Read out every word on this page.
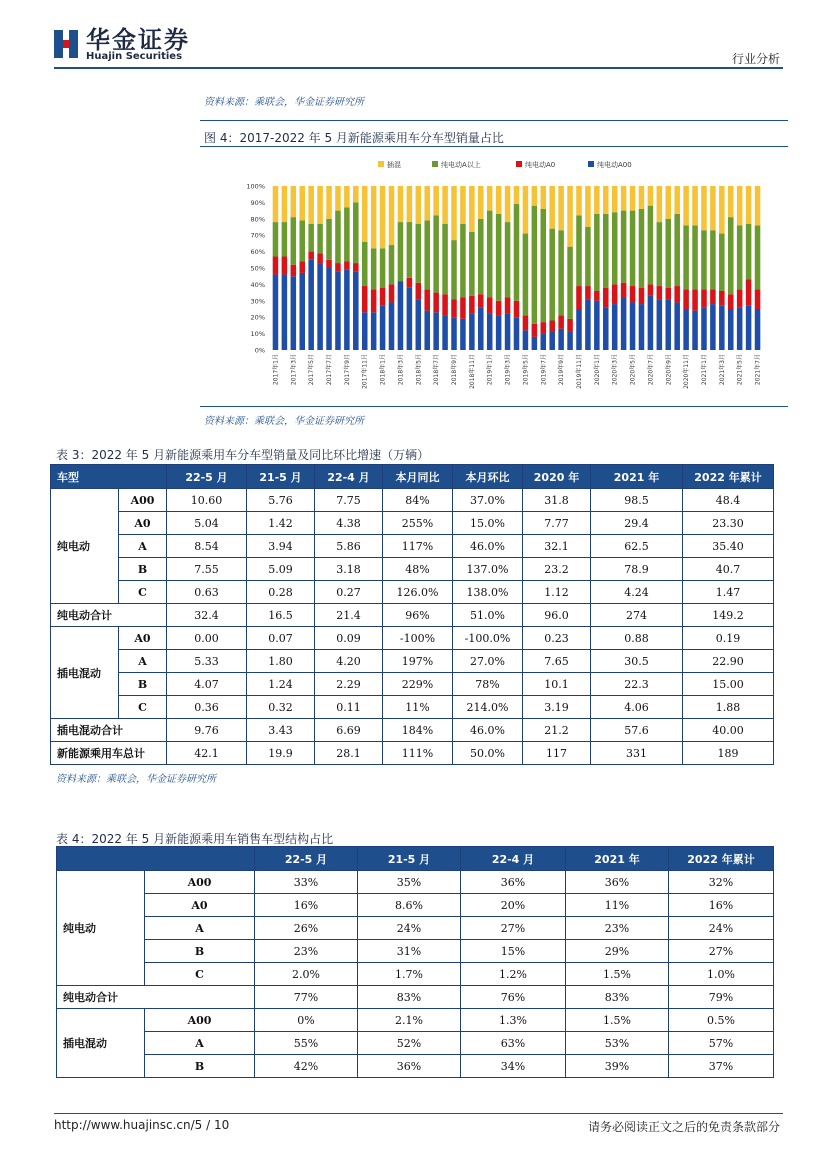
华金证券
Huajin Securities	行业分析
资料来源：乘联会，华金证券研究所
图 4：2017-2022 年 5 月新能源乘用车分车型销量占比
插混	纯电动A以上	纯电动A0	纯电动A00
0%
10%
20%
30%
40%
50%
60%
70%
80%
90%
100%
2017年1月 2017年3月 2017年5月 2017年7月 2017年9月 2017年11月 2018年1月 2018年3月 2018年5月 2018年7月 2018年9月 2018年11月 2019年1月 2019年3月 2019年5月 2019年7月 2019年9月 2019年11月 2020年1月 2020年3月 2020年5月 2020年7月 2020年9月 2020年11月 2021年1月 2021年3月 2021年5月 2021年7月
资料来源：乘联会，华金证券研究所
表 3：2022 年 5 月新能源乘用车分车型销量及同比环比增速（万辆）
车型		22-5 月	21-5 月	22-4 月	本月同比	本月环比	2020 年	2021 年	2022 年累计
纯电动	A00	10.60	5.76	7.75	84%	37.0%	31.8	98.5	48.4
	A0	5.04	1.42	4.38	255%	15.0%	7.77	29.4	23.30
	A	8.54	3.94	5.86	117%	46.0%	32.1	62.5	35.40
	B	7.55	5.09	3.18	48%	137.0%	23.2	78.9	40.7
	C	0.63	0.28	0.27	126.0%	138.0%	1.12	4.24	1.47
纯电动合计		32.4	16.5	21.4	96%	51.0%	96.0	274	149.2
插电混动	A0	0.00	0.07	0.09	-100%	-100.0%	0.23	0.88	0.19
	A	5.33	1.80	4.20	197%	27.0%	7.65	30.5	22.90
	B	4.07	1.24	2.29	229%	78%	10.1	22.3	15.00
	C	0.36	0.32	0.11	11%	214.0%	3.19	4.06	1.88
插电混动合计		9.76	3.43	6.69	184%	46.0%	21.2	57.6	40.00
新能源乘用车总计		42.1	19.9	28.1	111%	50.0%	117	331	189
资料来源：乘联会，华金证券研究所
表 4：2022 年 5 月新能源乘用车销售车型结构占比
		22-5 月	21-5 月	22-4 月	2021 年	2022 年累计
纯电动	A00	33%	35%	36%	36%	32%
	A0	16%	8.6%	20%	11%	16%
	A	26%	24%	27%	23%	24%
	B	23%	31%	15%	29%	27%
	C	2.0%	1.7%	1.2%	1.5%	1.0%
纯电动合计		77%	83%	76%	83%	79%
插电混动	A00	0%	2.1%	1.3%	1.5%	0.5%
	A	55%	52%	63%	53%	57%
	B	42%	36%	34%	39%	37%
http://www.huajinsc.cn/5 / 10	请务必阅读正文之后的免责条款部分
